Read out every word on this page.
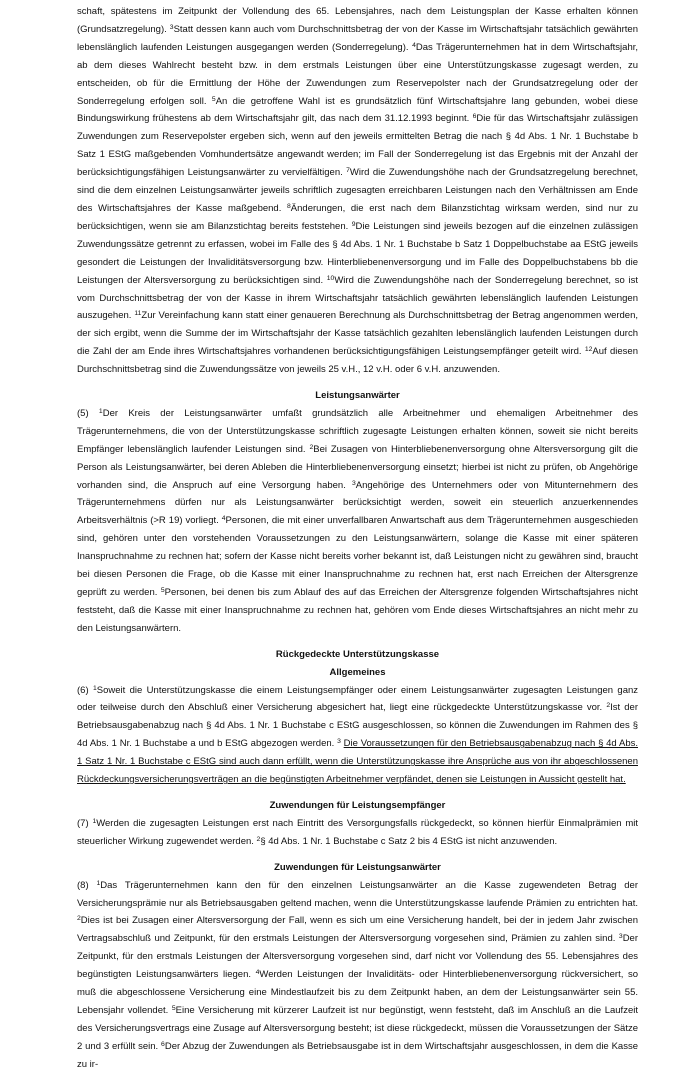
schaft, spätestens im Zeitpunkt der Vollendung des 65. Lebensjahres, nach dem Leistungsplan der Kasse erhalten können (Grundsatzregelung). $^3$Statt dessen kann auch vom Durchschnittsbetrag der von der Kasse im Wirtschaftsjahr tatsächlich gewährten lebenslänglich laufenden Leistungen ausgegangen werden (Sonderregelung). $^4$Das Trägerunternehmen hat in dem Wirtschaftsjahr, ab dem dieses Wahlrecht besteht bzw. in dem erstmals Leistungen über eine Unterstützungskasse zugesagt werden, zu entscheiden, ob für die Ermittlung der Höhe der Zuwendungen zum Reservepolster nach der Grundsatzregelung oder der Sonderregelung erfolgen soll. $^5$An die getroffene Wahl ist es grundsätzlich fünf Wirtschaftsjahre lang gebunden, wobei diese Bindungswirkung frühestens ab dem Wirtschaftsjahr gilt, das nach dem 31.12.1993 beginnt. $^6$Die für das Wirtschaftsjahr zulässigen Zuwendungen zum Reservepolster ergeben sich, wenn auf den jeweils ermittelten Betrag die nach § 4d Abs. 1 Nr. 1 Buchstabe b Satz 1 EStG maßgebenden Vomhundertsätze angewandt werden; im Fall der Sonderregelung ist das Ergebnis mit der Anzahl der berücksichtigungsfähigen Leistungsanwärter zu vervielfältigen. $^7$Wird die Zuwendungshöhe nach der Grundsatzregelung berechnet, sind die dem einzelnen Leistungsanwärter jeweils schriftlich zugesagten erreichbaren Leistungen nach den Verhältnissen am Ende des Wirtschaftsjahres der Kasse maßgebend. $^8$Änderungen, die erst nach dem Bilanzstichtag wirksam werden, sind nur zu berücksichtigen, wenn sie am Bilanzstichtag bereits feststehen. $^9$Die Leistungen sind jeweils bezogen auf die einzelnen zulässigen Zuwendungssätze getrennt zu erfassen, wobei im Falle des § 4d Abs. 1 Nr. 1 Buchstabe b Satz 1 Doppelbuchstabe aa EStG jeweils gesondert die Leistungen der Invaliditätsversorgung bzw. Hinterbliebenenversorgung und im Falle des Doppelbuchstabens bb die Leistungen der Altersversorgung zu berücksichtigen sind. $^{10}$Wird die Zuwendungshöhe nach der Sonderregelung berechnet, so ist vom Durchschnittsbetrag der von der Kasse in ihrem Wirtschaftsjahr tatsächlich gewährten lebenslänglich laufenden Leistungen auszugehen. $^{11}$Zur Vereinfachung kann statt einer genaueren Berechnung als Durchschnittsbetrag der Betrag angenommen werden, der sich ergibt, wenn die Summe der im Wirtschaftsjahr der Kasse tatsächlich gezahlten lebenslänglich laufenden Leistungen durch die Zahl der am Ende ihres Wirtschaftsjahres vorhandenen berücksichtigungsfähigen Leistungsempfänger geteilt wird. $^{12}$Auf diesen Durchschnittsbetrag sind die Zuwendungssätze von jeweils 25 v.H., 12 v.H. oder 6 v.H. anzuwenden.

Leistungsanwärter

(5) $^1$Der Kreis der Leistungsanwärter umfaßt grundsätzlich alle Arbeitnehmer und ehemaligen Arbeitnehmer des Trägerunternehmens, die von der Unterstützungskasse schriftlich zugesagte Leistungen erhalten können, soweit sie nicht bereits Empfänger lebenslänglich laufender Leistungen sind. $^2$Bei Zusagen von Hinterbliebenenversorgung ohne Altersversorgung gilt die Person als Leistungsanwärter, bei deren Ableben die Hinterbliebenenversorgung einsetzt; hierbei ist nicht zu prüfen, ob Angehörige vorhanden sind, die Anspruch auf eine Versorgung haben. $^3$Angehörige des Unternehmers oder von Mitunternehmern des Trägerunternehmens dürfen nur als Leistungsanwärter berücksichtigt werden, soweit ein steuerlich anzuerkennendes Arbeitsverhältnis (>R 19) vorliegt. $^4$Personen, die mit einer unverfallbaren Anwartschaft aus dem Trägerunternehmen ausgeschieden sind, gehören unter den vorstehenden Voraussetzungen zu den Leistungsanwärtern, solange die Kasse mit einer späteren Inanspruchnahme zu rechnen hat; sofern der Kasse nicht bereits vorher bekannt ist, daß Leistungen nicht zu gewähren sind, braucht bei diesen Personen die Frage, ob die Kasse mit einer Inanspruchnahme zu rechnen hat, erst nach Erreichen der Altersgrenze geprüft zu werden. $^5$Personen, bei denen bis zum Ablauf des auf das Erreichen der Altersgrenze folgenden Wirtschaftsjahres nicht feststeht, daß die Kasse mit einer Inanspruchnahme zu rechnen hat, gehören vom Ende dieses Wirtschaftsjahres an nicht mehr zu den Leistungsanwärtern.

Rückgedeckte Unterstützungskasse

Allgemeines

(6) $^1$Soweit die Unterstützungskasse die einem Leistungsempfänger oder einem Leistungsanwärter zugesagten Leistungen ganz oder teilweise durch den Abschluß einer Versicherung abgesichert hat, liegt eine rückgedeckte Unterstützungskasse vor. $^2$Ist der Betriebsausgabenabzug nach § 4d Abs. 1 Nr. 1 Buchstabe c EStG ausgeschlossen, so können die Zuwendungen im Rahmen des § 4d Abs. 1 Nr. 1 Buchstabe a und b EStG abgezogen werden. $^3$ Die Voraussetzungen für den Betriebsausgabenabzug nach § 4d Abs. 1 Satz 1 Nr. 1 Buchstabe c EStG sind auch dann erfüllt, wenn die Unterstützungskasse ihre Ansprüche aus von ihr abgeschlossenen Rückdeckungsversicherungsverträgen an die begünstigten Arbeitnehmer verpfändet, denen sie Leistungen in Aussicht gestellt hat.

Zuwendungen für Leistungsempfänger

(7) $^1$Werden die zugesagten Leistungen erst nach Eintritt des Versorgungsfalls rückgedeckt, so können hierfür Einmalprämien mit steuerlicher Wirkung zugewendet werden. $^2$§ 4d Abs. 1 Nr. 1 Buchstabe c Satz 2 bis 4 EStG ist nicht anzuwenden.

Zuwendungen für Leistungsanwärter

(8) $^1$Das Trägerunternehmen kann den für den einzelnen Leistungsanwärter an die Kasse zugewendeten Betrag der Versicherungsprämie nur als Betriebsausgaben geltend machen, wenn die Unterstützungskasse laufende Prämien zu entrichten hat. $^2$Dies ist bei Zusagen einer Altersversorgung der Fall, wenn es sich um eine Versicherung handelt, bei der in jedem Jahr zwischen Vertragsabschluß und Zeitpunkt, für den erstmals Leistungen der Altersversorgung vorgesehen sind, Prämien zu zahlen sind. $^3$Der Zeitpunkt, für den erstmals Leistungen der Altersversorgung vorgesehen sind, darf nicht vor Vollendung des 55. Lebensjahres des begünstigten Leistungsanwärters liegen. $^4$Werden Leistungen der Invaliditäts- oder Hinterbliebenenversorgung rückversichert, so muß die abgeschlossene Versicherung eine Mindestlaufzeit bis zu dem Zeitpunkt haben, an dem der Leistungsanwärter sein 55. Lebensjahr vollendet. $^5$Eine Versicherung mit kürzerer Laufzeit ist nur begünstigt, wenn feststeht, daß im Anschluß an die Laufzeit des Versicherungsvertrags eine Zusage auf Altersversorgung besteht; ist diese rückgedeckt, müssen die Voraussetzungen der Sätze 2 und 3 erfüllt sein. $^6$Der Abzug der Zuwendungen als Betriebsausgabe ist in dem Wirtschaftsjahr ausgeschlossen, in dem die Kasse zu ir-
